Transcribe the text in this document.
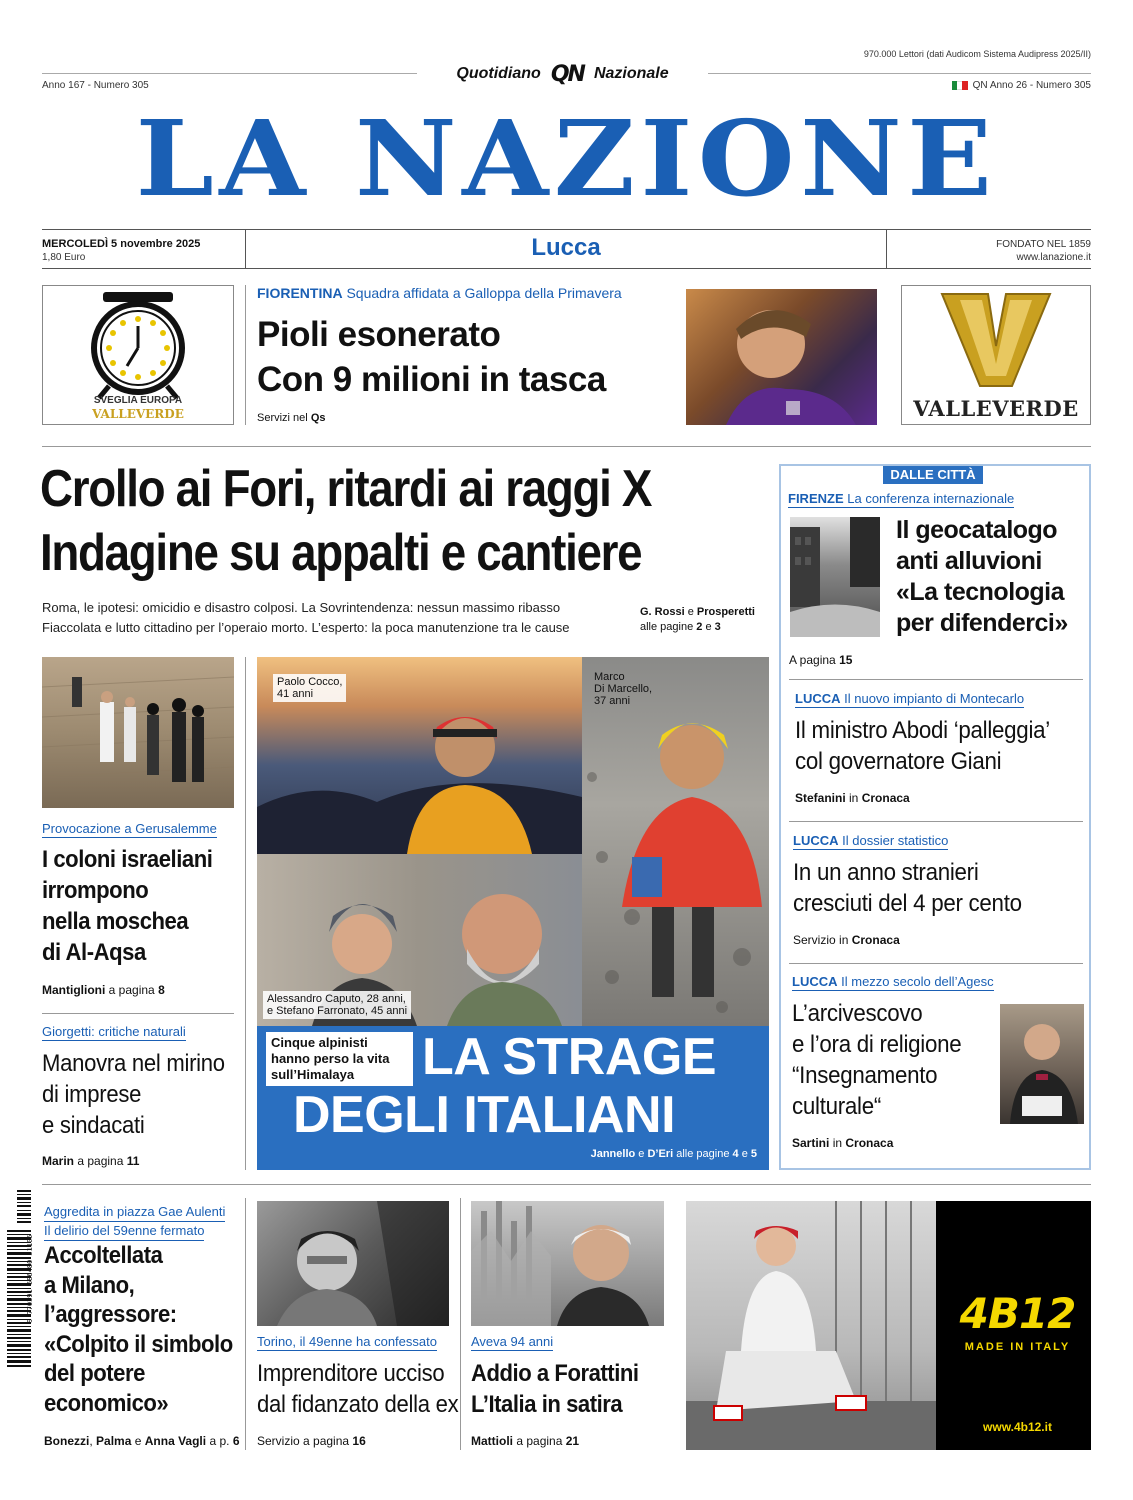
970.000 Lettori (dati Audicom Sistema Audipress 2025/II)
Quotidiano QN Nazionale
Anno 167 - Numero 305	QN Anno 26 - Numero 305
LA NAZIONE
MERCOLEDÌ 5 novembre 2025
1,80 Euro	Lucca	FONDATO NEL 1859
www.lanazione.it
SVEGLIA EUROPA
VALLEVERDE
FIORENTINA Squadra affidata a Galloppa della Primavera
Pioli esonerato
Con 9 milioni in tasca
Servizi nel Qs	VALLEVERDE
Crollo ai Fori, ritardi ai raggi X
Indagine su appalti e cantiere
Roma, le ipotesi: omicidio e disastro colposi. La Sovrintendenza: nessun massimo ribasso
Fiaccolata e lutto cittadino per l’operaio morto. L’esperto: la poca manutenzione tra le cause
G. Rossi e Prosperetti
alle pagine 2 e 3
Provocazione a Gerusalemme
I coloni israeliani
irrompono
nella moschea
di Al-Aqsa
Mantiglioni a pagina 8
Giorgetti: critiche naturali
Manovra nel mirino
di imprese
e sindacati
Marin a pagina 11
Paolo Cocco,
41 anni
Marco
Di Marcello,
37 anni
Alessandro Caputo, 28 anni,
e Stefano Farronato, 45 anni
Cinque alpinisti
hanno perso la vita
sull’Himalaya	LA STRAGE
DEGLI ITALIANI
Jannello e D’Eri alle pagine 4 e 5
DALLE CITTÀ
FIRENZE La conferenza internazionale
Il geocatalogo
anti alluvioni
«La tecnologia
per difenderci»
A pagina 15
LUCCA Il nuovo impianto di Montecarlo
Il ministro Abodi ‘palleggia’
col governatore Giani
Stefanini in Cronaca
LUCCA Il dossier statistico
In un anno stranieri
cresciuti del 4 per cento
Servizio in Cronaca
LUCCA Il mezzo secolo dell’Agesc
L’arcivescovo
e l’ora di religione
“Insegnamento
culturale“
Sartini in Cronaca
9 770391 686480 51105
Aggredita in piazza Gae Aulenti
Il delirio del 59enne fermato
Accoltellata
a Milano,
l’aggressore:
«Colpito il simbolo
del potere
economico»
Bonezzi, Palma e Anna Vagli a p. 6
Torino, il 49enne ha confessato
Imprenditore ucciso
dal fidanzato della ex
Servizio a pagina 16
Aveva 94 anni
Addio a Forattini
L’Italia in satira
Mattioli a pagina 21
4B12
MADE IN ITALY
www.4b12.it
